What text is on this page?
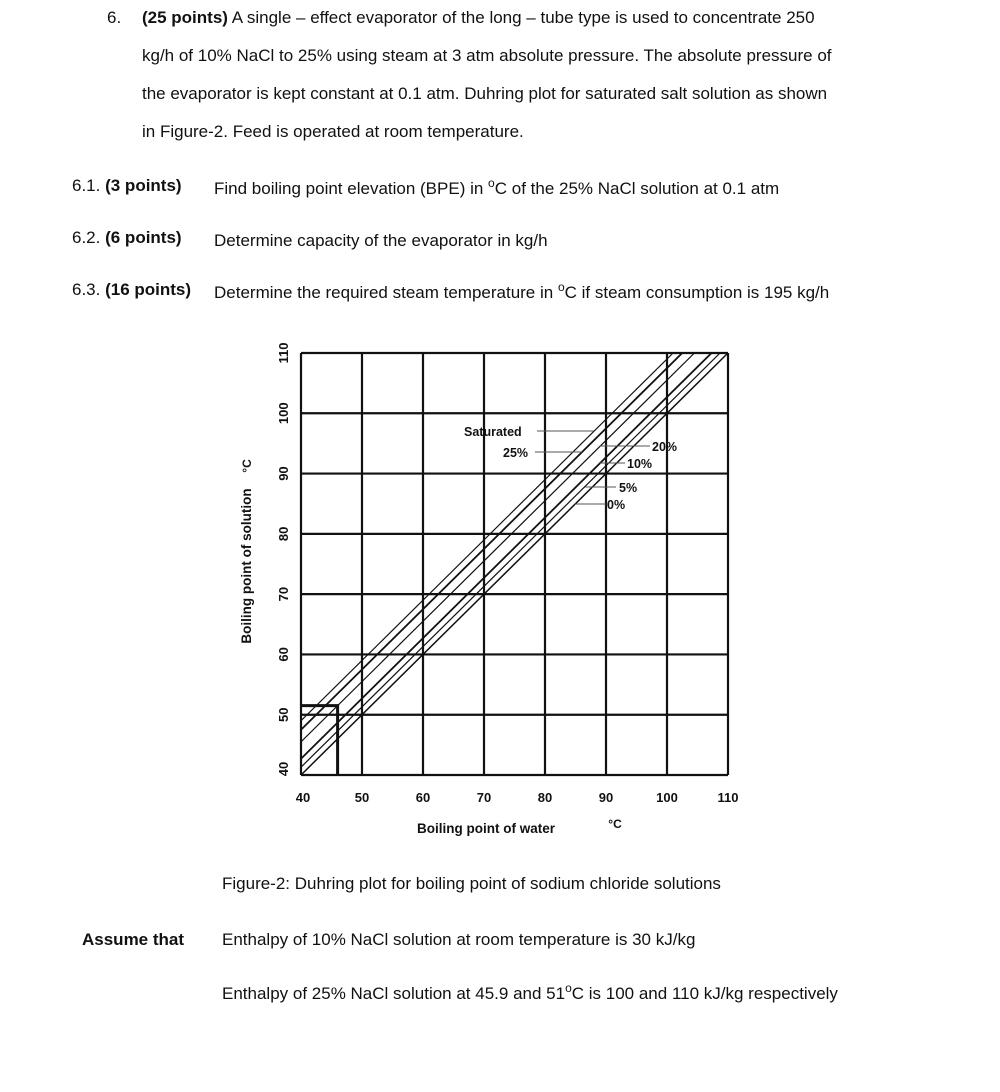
6. (25 points) A single – effect evaporator of the long – tube type is used to concentrate 250
kg/h of 10% NaCl to 25% using steam at 3 atm absolute pressure. The absolute pressure of
the evaporator is kept constant at 0.1 atm. Duhring plot for saturated salt solution as shown
in Figure-2. Feed is operated at room temperature.
6.1. (3 points) Find boiling point elevation (BPE) in $^o$C of the 25% NaCl solution at 0.1 atm
6.2. (6 points) Determine capacity of the evaporator in kg/h
6.3. (16 points) Determine the required steam temperature in $^o$C if steam consumption is 195 kg/h
40	50	60	70	80	90	100	110
40
50
60
70
80
90
100
110
Saturated
25%	20%
10%
5%
0%
Boiling point of water	°C
Boiling point of solution
°C
Figure-2: Duhring plot for boiling point of sodium chloride solutions
Assume that Enthalpy of 10% NaCl solution at room temperature is 30 kJ/kg
Enthalpy of 25% NaCl solution at 45.9 and 51$^o$C is 100 and 110 kJ/kg respectively
